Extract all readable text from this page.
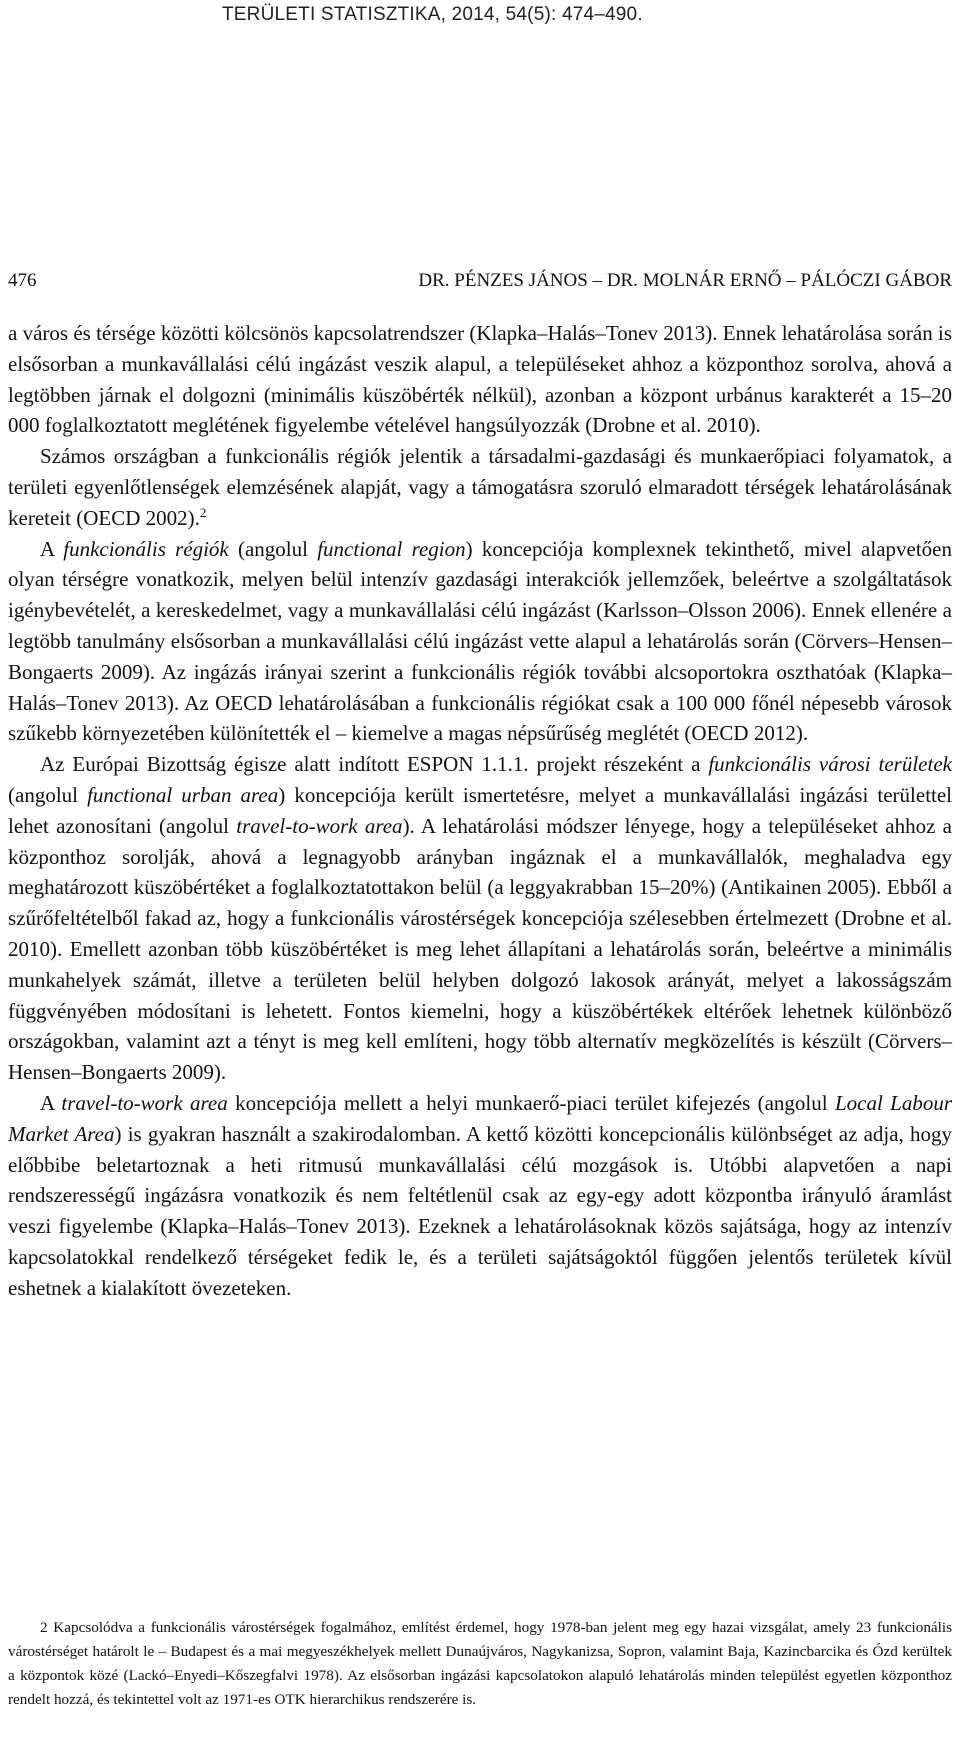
TERÜLETI STATISZTIKA, 2014, 54(5): 474–490.
476	DR. PÉNZES JÁNOS – DR. MOLNÁR ERNŐ – PÁLÓCZI GÁBOR

a város és térsége közötti kölcsönös kapcsolatrendszer (Klapka–Halás–Tonev 2013). Ennek lehatárolása során is elsősorban a munkavállalási célú ingázást veszik alapul, a településeket ahhoz a központhoz sorolva, ahová a legtöbben járnak el dolgozni (minimális küszöbérték nélkül), azonban a központ urbánus karakterét a 15–20 000 foglalkoztatott meglétének figyelembe vételével hangsúlyozzák (Drobne et al. 2010).

Számos országban a funkcionális régiók jelentik a társadalmi-gazdasági és munkaerőpiaci folyamatok, a területi egyenlőtlenségek elemzésének alapját, vagy a támogatásra szoruló elmaradott térségek lehatárolásának kereteit (OECD 2002).$^2$

A funkcionális régiók (angolul functional region) koncepciója komplexnek tekinthető, mivel alapvetően olyan térségre vonatkozik, melyen belül intenzív gazdasági interakciók jellemzőek, beleértve a szolgáltatások igénybevételét, a kereskedelmet, vagy a munkavállalási célú ingázást (Karlsson–Olsson 2006). Ennek ellenére a legtöbb tanulmány elsősorban a munkavállalási célú ingázást vette alapul a lehatárolás során (Cörvers–Hensen–Bongaerts 2009). Az ingázás irányai szerint a funkcionális régiók további alcsoportokra oszthatóak (Klapka–Halás–Tonev 2013). Az OECD lehatárolásában a funkcionális régiókat csak a 100 000 főnél népesebb városok szűkebb környezetében különítették el – kiemelve a magas népsűrűség meglétét (OECD 2012).

Az Európai Bizottság égisze alatt indított ESPON 1.1.1. projekt részeként a funkcionális városi területek (angolul functional urban area) koncepciója került ismertetésre, melyet a munkavállalási ingázási területtel lehet azonosítani (angolul travel-to-work area). A lehatárolási módszer lényege, hogy a településeket ahhoz a központhoz sorolják, ahová a legnagyobb arányban ingáznak el a munkavállalók, meghaladva egy meghatározott küszöbértéket a foglalkoztatottakon belül (a leggyakrabban 15–20%) (Antikainen 2005). Ebből a szűrőfeltételből fakad az, hogy a funkcionális várostérségek koncepciója szélesebben értelmezett (Drobne et al. 2010). Emellett azonban több küszöbértéket is meg lehet állapítani a lehatárolás során, beleértve a minimális munkahelyek számát, illetve a területen belül helyben dolgozó lakosok arányát, melyet a lakosságszám függvényében módosítani is lehetett. Fontos kiemelni, hogy a küszöbértékek eltérőek lehetnek különböző országokban, valamint azt a tényt is meg kell említeni, hogy több alternatív megközelítés is készült (Cörvers–Hensen–Bongaerts 2009).

A travel-to-work area koncepciója mellett a helyi munkaerő-piaci terület kifejezés (angolul Local Labour Market Area) is gyakran használt a szakirodalomban. A kettő közötti koncepcionális különbséget az adja, hogy előbbibe beletartoznak a heti ritmusú munkavállalási célú mozgások is. Utóbbi alapvetően a napi rendszerességű ingázásra vonatkozik és nem feltétlenül csak az egy-egy adott központba irányuló áramlást veszi figyelembe (Klapka–Halás–Tonev 2013). Ezeknek a lehatárolásoknak közös sajátsága, hogy az intenzív kapcsolatokkal rendelkező térségeket fedik le, és a területi sajátságoktól függően jelentős területek kívül eshetnek a kialakított övezeteken.

2 Kapcsolódva a funkcionális várostérségek fogalmához, említést érdemel, hogy 1978-ban jelent meg egy hazai vizsgálat, amely 23 funkcionális várostérséget határolt le – Budapest és a mai megyeszékhelyek mellett Dunaújváros, Nagykanizsa, Sopron, valamint Baja, Kazincbarcika és Ózd kerültek a központok közé (Lackó–Enyedi–Kőszegfalvi 1978). Az elsősorban ingázási kapcsolatokon alapuló lehatárolás minden települést egyetlen központhoz rendelt hozzá, és tekintettel volt az 1971-es OTK hierarchikus rendszerére is.
